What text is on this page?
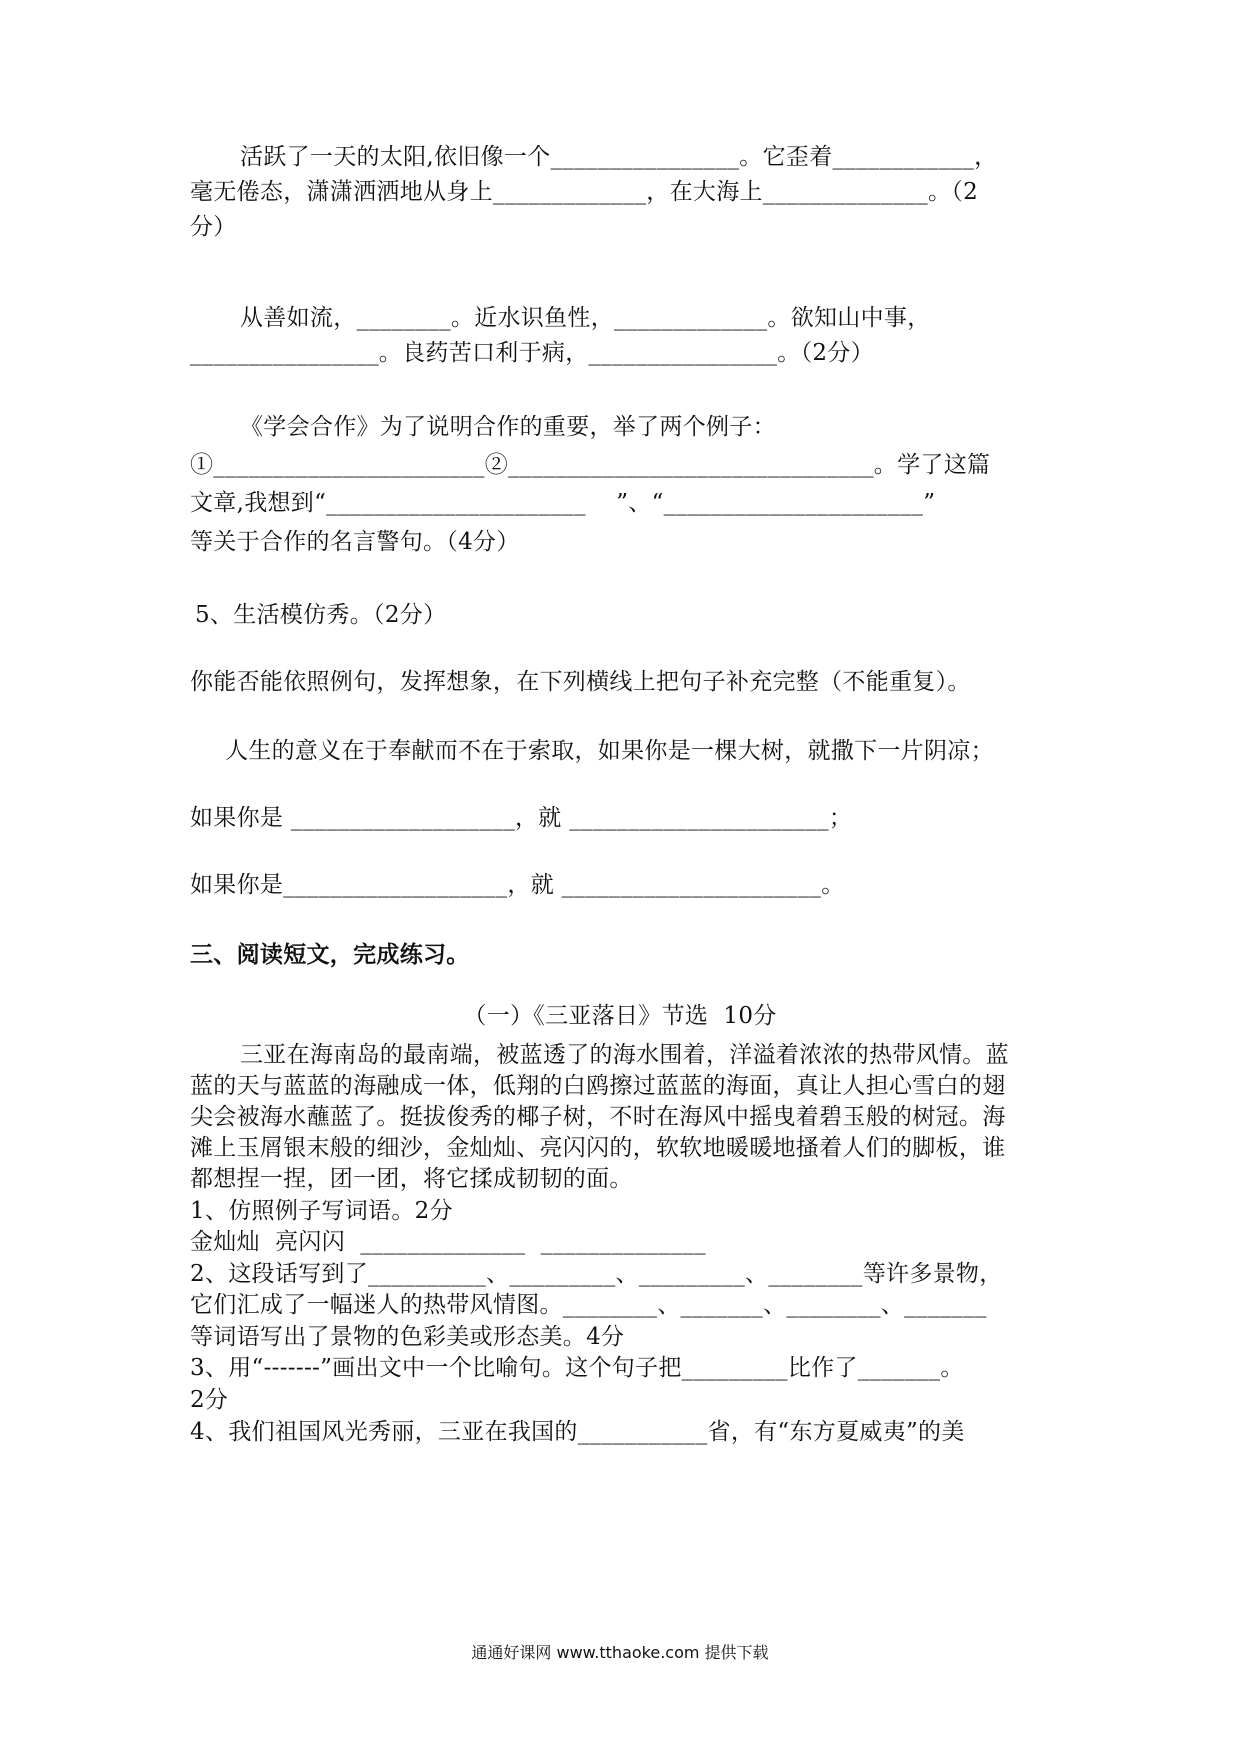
活跃了一天的太阳,依旧像一个________________。它歪着____________，
毫无倦态，潇潇洒洒地从身上_____________，在大海上______________。（2
分）
从善如流，________。近水识鱼性，_____________。欲知山中事，
________________。良药苦口利于病，________________。（2分）
《学会合作》为了说明合作的重要，举了两个例子：
①_______________________②_______________________________。学了这篇
文章,我想到“______________________    ”、“______________________”
等关于合作的名言警句。（4分）
5、生活模仿秀。（2分）
你能否能依照例句，发挥想象，在下列横线上把句子补充完整（不能重复）。
人生的意义在于奉献而不在于索取，如果你是一棵大树，就撒下一片阴凉；
如果你是 ___________________，就 ______________________；
如果你是___________________，就 ______________________。
三、阅读短文，完成练习。
（一）《三亚落日》节选  10分
三亚在海南岛的最南端，被蓝透了的海水围着，洋溢着浓浓的热带风情。蓝
蓝的天与蓝蓝的海融成一体，低翔的白鸥擦过蓝蓝的海面，真让人担心雪白的翅
尖会被海水蘸蓝了。挺拔俊秀的椰子树，不时在海风中摇曳着碧玉般的树冠。海
滩上玉屑银末般的细沙，金灿灿、亮闪闪的，软软地暖暖地搔着人们的脚板，谁
都想捏一捏，团一团，将它揉成韧韧的面。
1、仿照例子写词语。2分
金灿灿  亮闪闪  ______________  ______________
2、这段话写到了__________、_________、_________、________等许多景物，
它们汇成了一幅迷人的热带风情图。________、_______、________、_______
等词语写出了景物的色彩美或形态美。4分
3、用“-------”画出文中一个比喻句。这个句子把_________比作了_______。
2分
4、我们祖国风光秀丽，三亚在我国的___________省，有“东方夏威夷”的美
通通好课网 www.tthaoke.com 提供下载
